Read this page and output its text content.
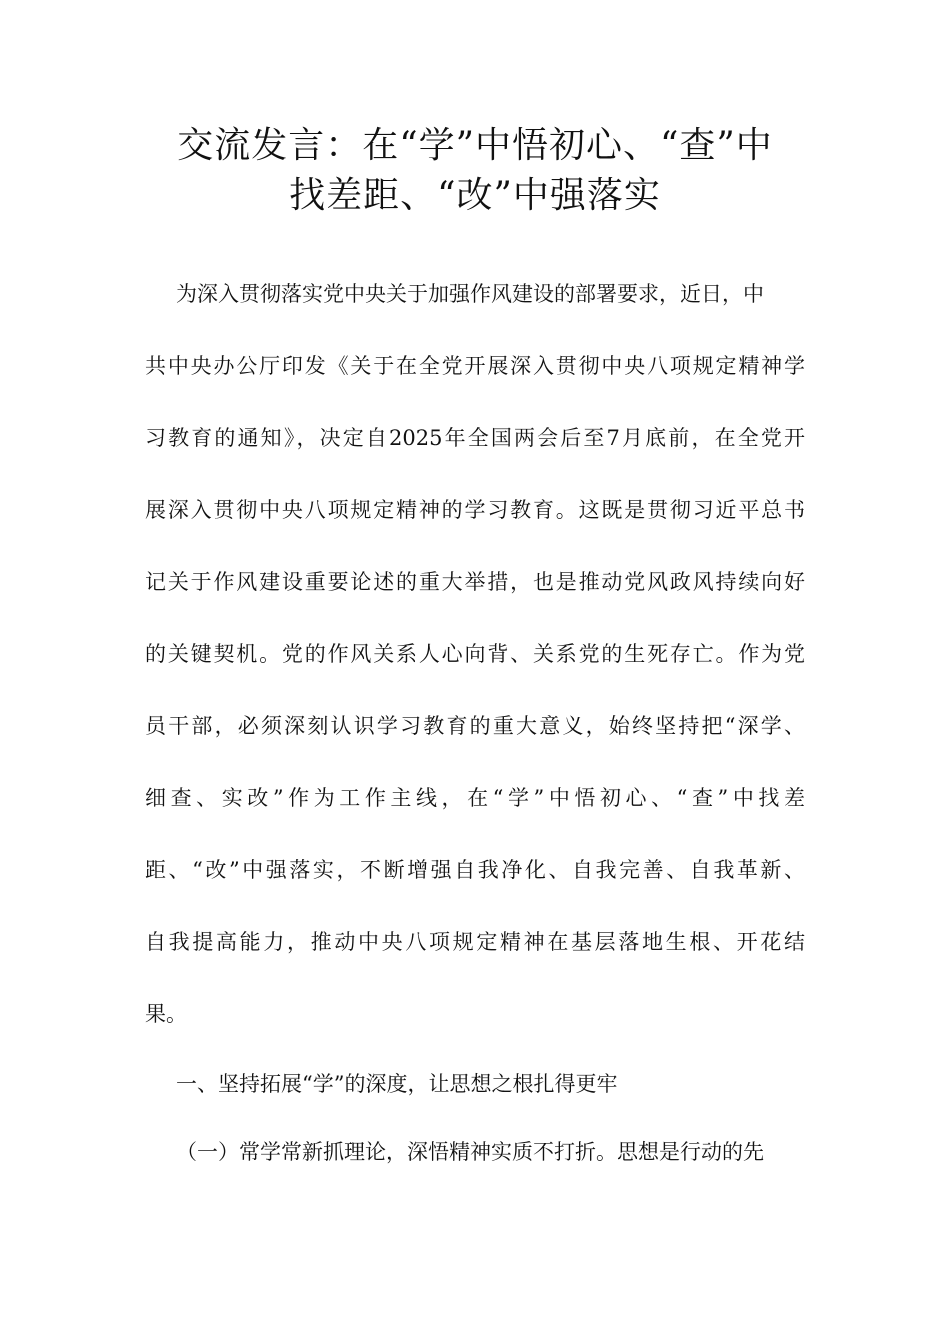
交流发言：在“学”中悟初心、“查”中
找差距、“改”中强落实
为深入贯彻落实党中央关于加强作风建设的部署要求，近日，中
共中央办公厅印发《关于在全党开展深入贯彻中央八项规定精神学
习教育的通知》，决定自2025年全国两会后至7月底前，在全党开
展深入贯彻中央八项规定精神的学习教育。这既是贯彻习近平总书
记关于作风建设重要论述的重大举措，也是推动党风政风持续向好
的关键契机。党的作风关系人心向背、关系党的生死存亡。作为党
员干部，必须深刻认识学习教育的重大意义，始终坚持把“深学、
细查、实改”作为工作主线，在“学”中悟初心、“查”中找差
距、“改”中强落实，不断增强自我净化、自我完善、自我革新、
自我提高能力，推动中央八项规定精神在基层落地生根、开花结
果。
一、坚持拓展“学”的深度，让思想之根扎得更牢
（一）常学常新抓理论，深悟精神实质不打折。思想是行动的先
